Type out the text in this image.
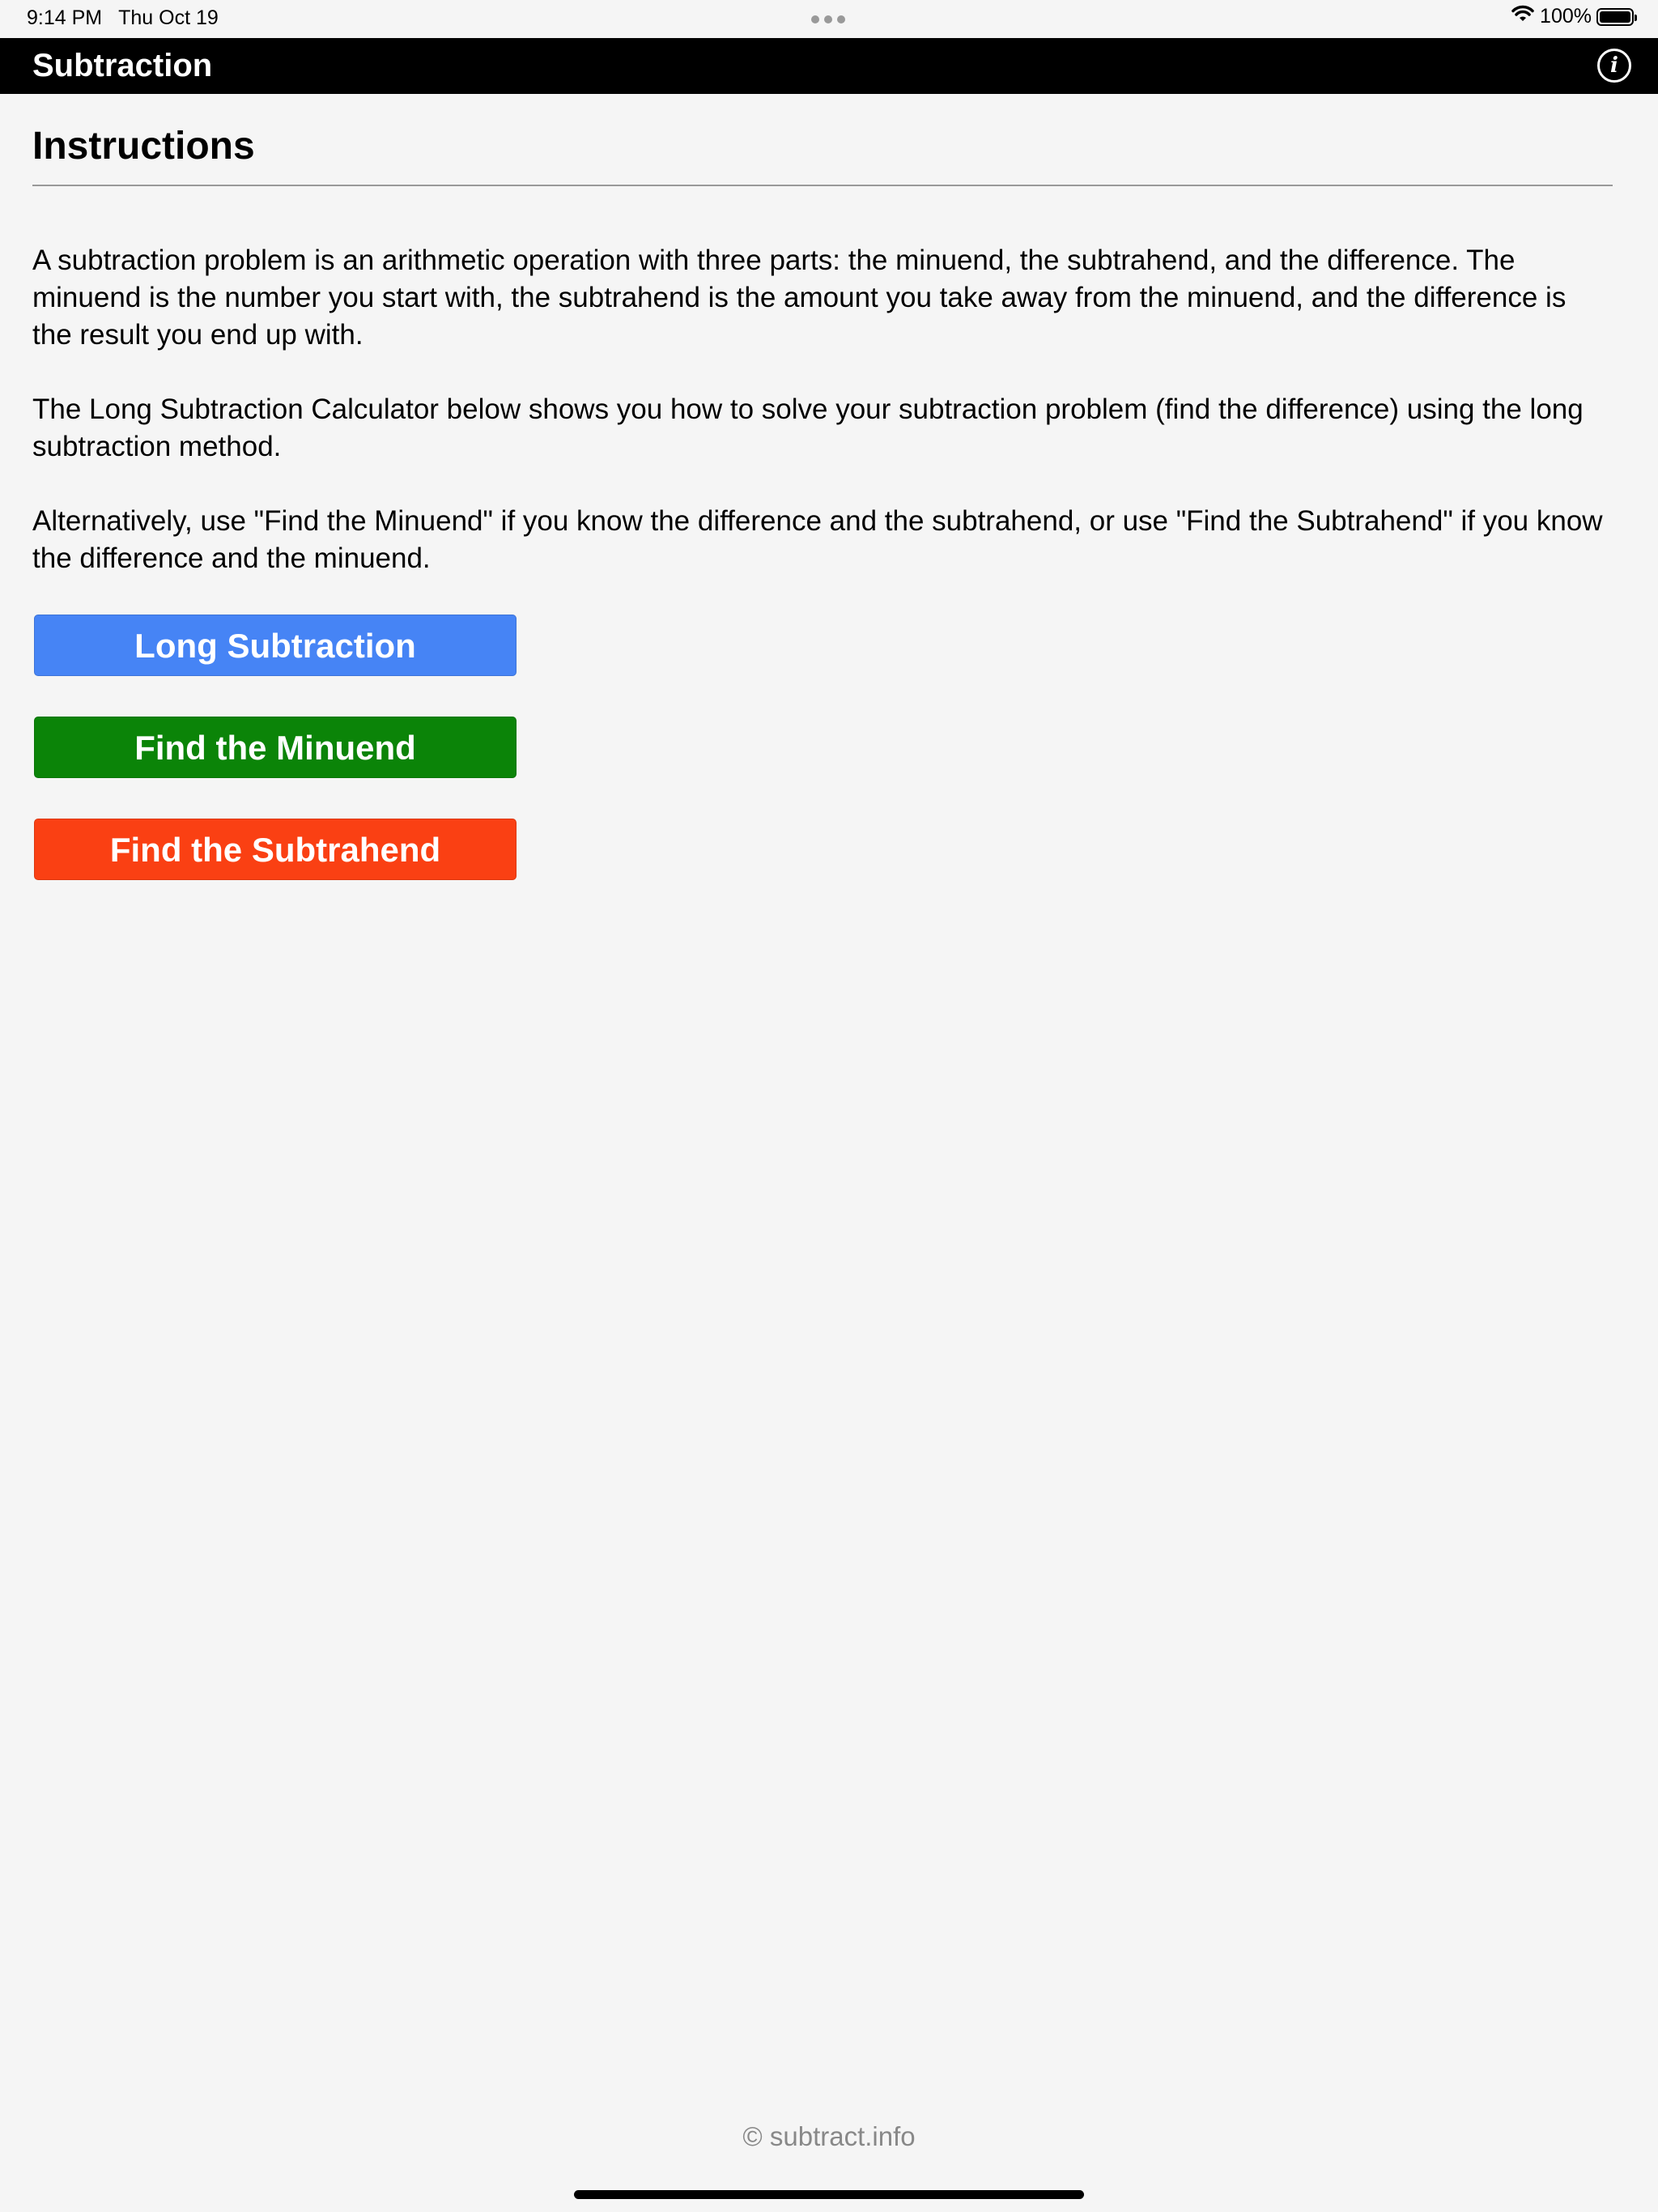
9:14 PM Thu Oct 19	100%
Subtraction	i
Instructions

A subtraction problem is an arithmetic operation with three parts: the minuend, the subtrahend, and the difference. The minuend is the number you start with, the subtrahend is the amount you take away from the minuend, and the difference is the result you end up with.

The Long Subtraction Calculator below shows you how to solve your subtraction problem (find the difference) using the long subtraction method.

Alternatively, use "Find the Minuend" if you know the difference and the subtrahend, or use "Find the Subtrahend" if you know the difference and the minuend.

Long Subtraction
Find the Minuend
Find the Subtrahend
© subtract.info
